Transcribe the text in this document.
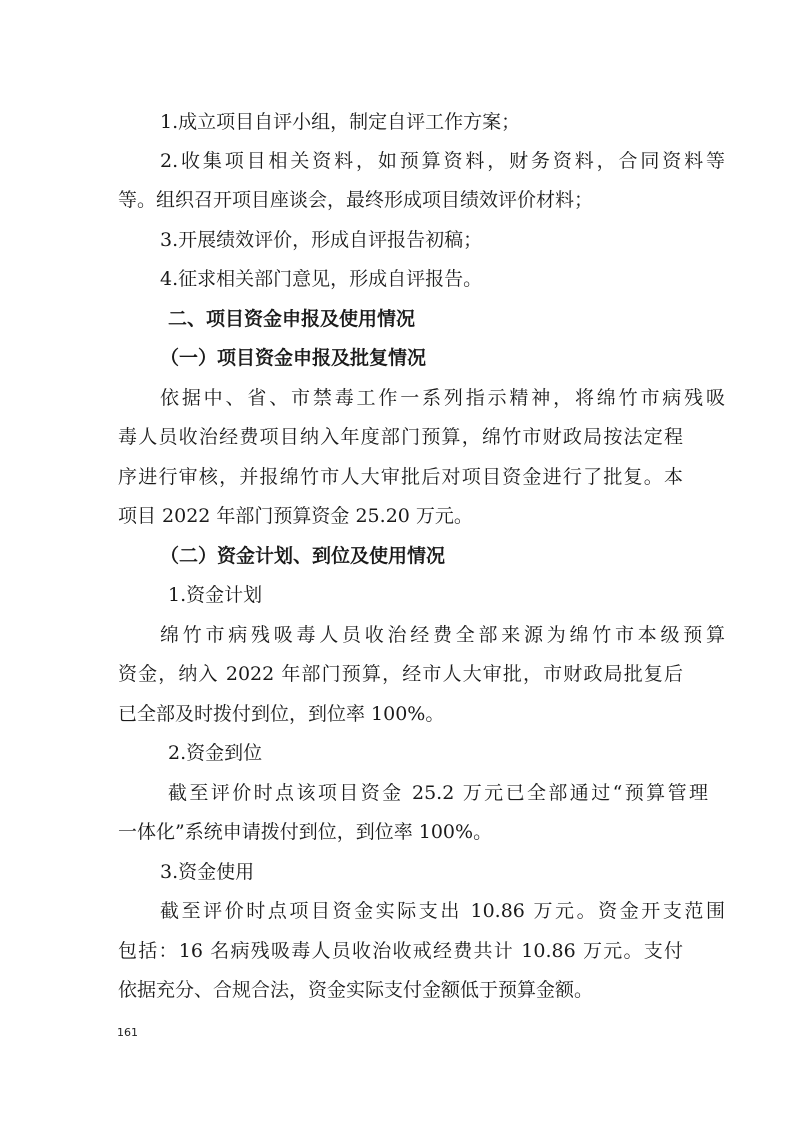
1.成立项目自评小组，制定自评工作方案；
2.收集项目相关资料，如预算资料，财务资料，合同资料等
等。组织召开项目座谈会，最终形成项目绩效评价材料；
3.开展绩效评价，形成自评报告初稿；
4.征求相关部门意见，形成自评报告。
二、项目资金申报及使用情况
（一）项目资金申报及批复情况
依据中、省、市禁毒工作一系列指示精神，将绵竹市病残吸
毒人员收治经费项目纳入年度部门预算，绵竹市财政局按法定程
序进行审核，并报绵竹市人大审批后对项目资金进行了批复。本
项目 2022 年部门预算资金 25.20 万元。
（二）资金计划、到位及使用情况
1.资金计划
绵竹市病残吸毒人员收治经费全部来源为绵竹市本级预算
资金，纳入 2022 年部门预算，经市人大审批，市财政局批复后
已全部及时拨付到位，到位率 100%。
2.资金到位
截至评价时点该项目资金 25.2 万元已全部通过“预算管理
一体化”系统申请拨付到位，到位率 100%。
3.资金使用
截至评价时点项目资金实际支出 10.86 万元。资金开支范围
包括：16 名病残吸毒人员收治收戒经费共计 10.86 万元。支付
依据充分、合规合法，资金实际支付金额低于预算金额。
161
